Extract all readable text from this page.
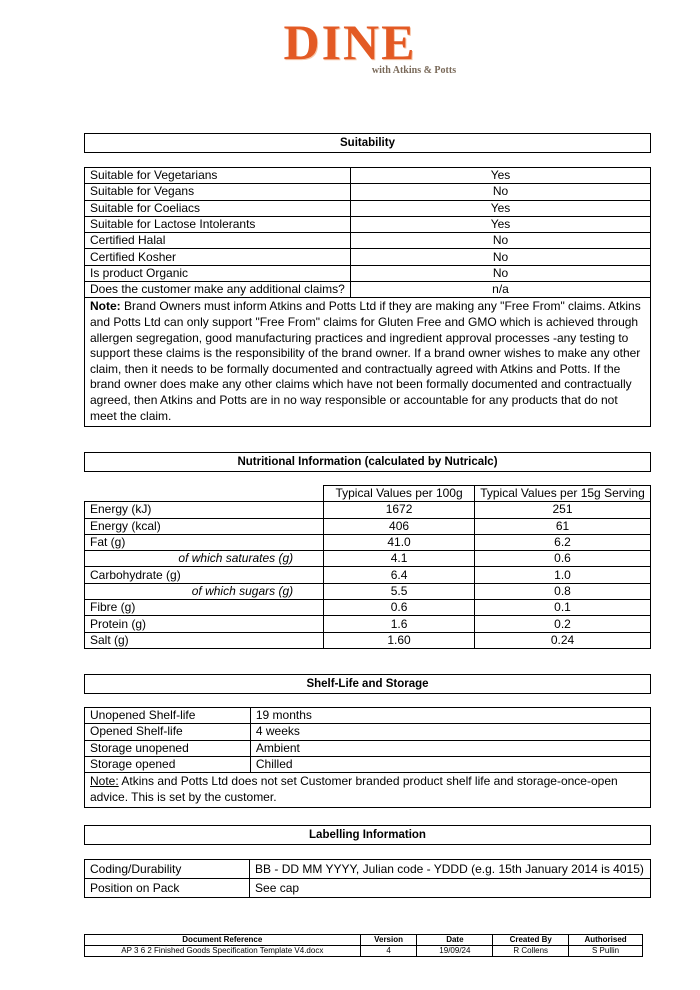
DINE
with Atkins & Potts
Suitability
Suitable for Vegetarians	Yes
Suitable for Vegans	No
Suitable for Coeliacs	Yes
Suitable for Lactose Intolerants	Yes
Certified Halal	No
Certified Kosher	No
Is product Organic	No
Does the customer make any additional claims?	n/a
Note: Brand Owners must inform Atkins and Potts Ltd if they are making any "Free From" claims. Atkins and Potts Ltd can only support "Free From" claims for Gluten Free and GMO which is achieved through allergen segregation, good manufacturing practices and ingredient approval processes -any testing to support these claims is the responsibility of the brand owner. If a brand owner wishes to make any other claim, then it needs to be formally documented and contractually agreed with Atkins and Potts. If the brand owner does make any other claims which have not been formally documented and contractually agreed, then Atkins and Potts are in no way responsible or accountable for any products that do not meet the claim.	
Nutritional Information (calculated by Nutricalc)
	Typical Values per 100g	Typical Values per 15g Serving
Energy (kJ)	1672	251
Energy (kcal)	406	61
Fat (g)	41.0	6.2
of which saturates (g)	4.1	0.6
Carbohydrate (g)	6.4	1.0
of which sugars (g)	5.5	0.8
Fibre (g)	0.6	0.1
Protein (g)	1.6	0.2
Salt (g)	1.60	0.24
Shelf-Life and Storage
Unopened Shelf-life	19 months
Opened Shelf-life	4 weeks
Storage unopened	Ambient
Storage opened	Chilled
Note: Atkins and Potts Ltd does not set Customer branded product shelf life and storage-once-open advice. This is set by the customer.	
Labelling Information
Coding/Durability	BB - DD MM YYYY, Julian code - YDDD (e.g. 15th January 2014 is 4015)
Position on Pack	See cap
Document Reference	Version	Date	Created By	Authorised
AP 3 6 2 Finished Goods Specification Template V4.docx	4	19/09/24	R Collens	S Pullin
